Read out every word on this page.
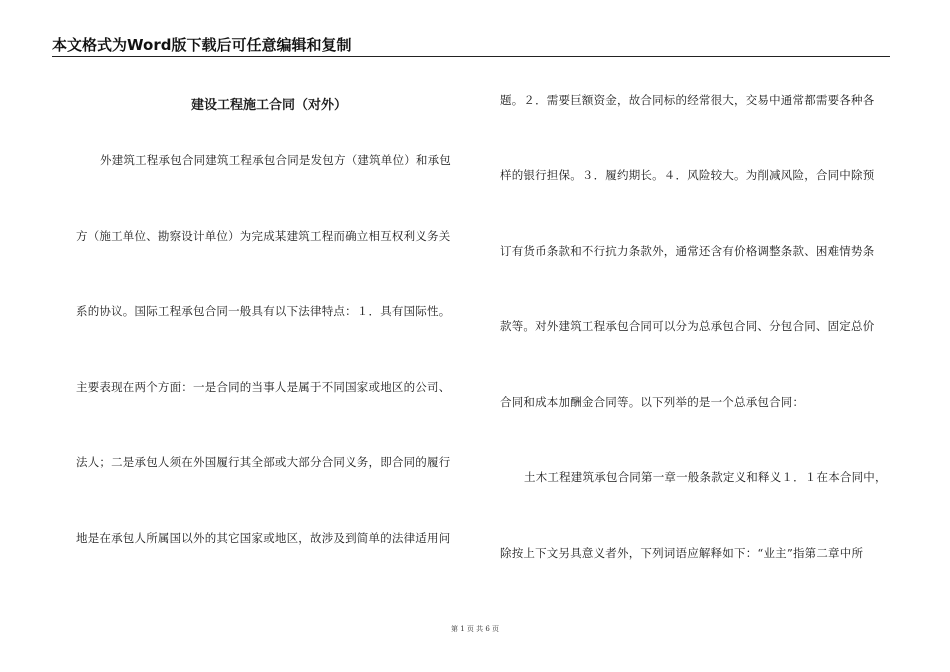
本文格式为Word版下载后可任意编辑和复制
建设工程施工合同（对外）
外建筑工程承包合同建筑工程承包合同是发包方（建筑单位）和承包
方（施工单位、勘察设计单位）为完成某建筑工程而确立相互权利义务关
系的协议。国际工程承包合同一般具有以下法律特点：１．具有国际性。
主要表现在两个方面：一是合同的当事人是属于不同国家或地区的公司、
法人；二是承包人须在外国履行其全部或大部分合同义务，即合同的履行
地是在承包人所属国以外的其它国家或地区，故涉及到简单的法律适用问
题。２．需要巨额资金，故合同标的经常很大，交易中通常都需要各种各
样的银行担保。３．履约期长。４．风险较大。为削减风险，合同中除预
订有货币条款和不行抗力条款外，通常还含有价格调整条款、困难情势条
款等。对外建筑工程承包合同可以分为总承包合同、分包合同、固定总价
合同和成本加酬金合同等。以下列举的是一个总承包合同：
土木工程建筑承包合同第一章一般条款定义和释义１．１在本合同中，
除按上下文另具意义者外，下列词语应解释如下：“业主”指第二章中所
第 1 页 共 6 页
